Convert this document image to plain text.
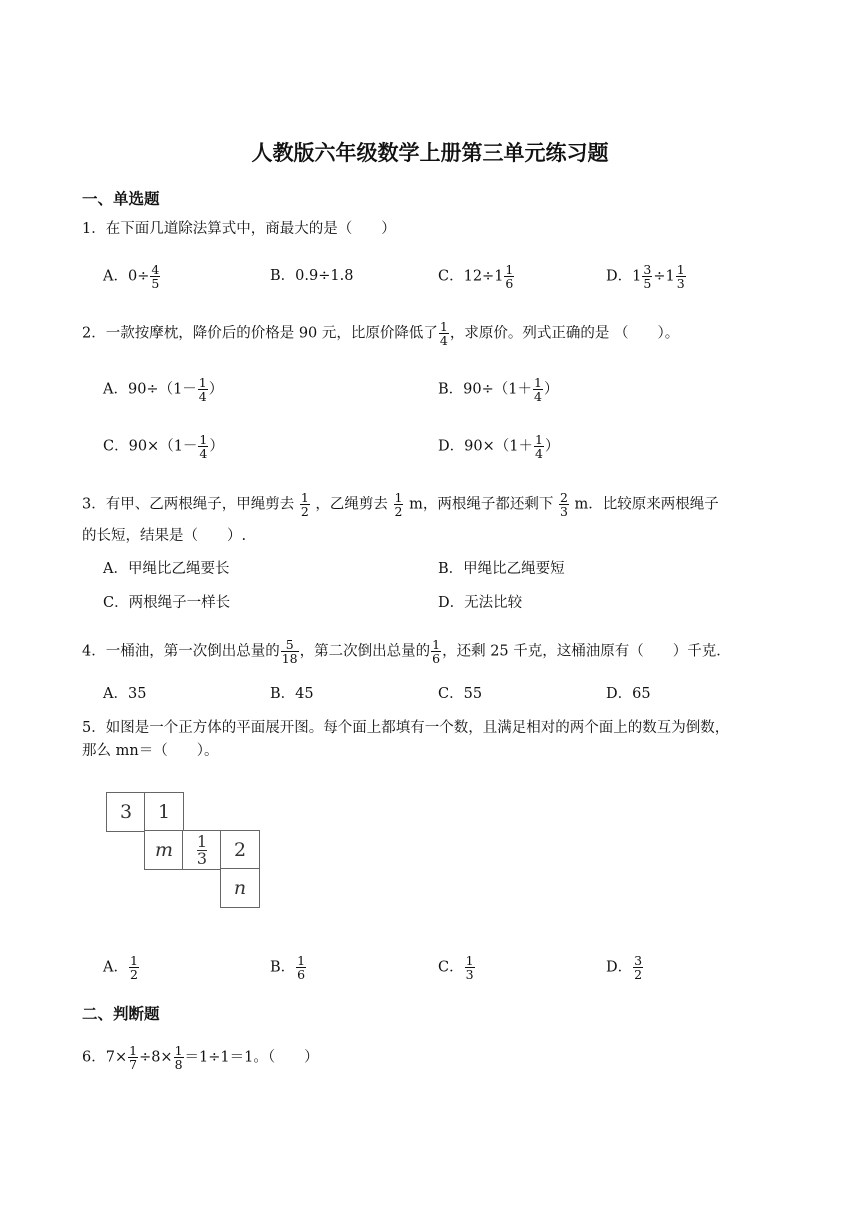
人教版六年级数学上册第三单元练习题
一、单选题
1．在下面几道除法算式中，商最大的是（　　）
A．$0\div \frac{4}{5}$	B．0.9÷1.8	C．$12\div 1 \frac{1}{6}$	D．$1 \frac{3}{5} \div 1 \frac{1}{3}$
2．一款按摩枕，降价后的价格是 90 元，比原价降低了 $\frac{1}{4}$ ，求原价。列式正确的是 （　　）。
A．$90\div(1- \frac{1}{4}$ ）	B．$90\div(1+ \frac{1}{4}$ ）
C．$90\times(1- \frac{1}{4}$ ）	D．$90\times(1+ \frac{1}{4}$ ）
3．有甲、乙两根绳子，甲绳剪去 $\frac{1}{2}$ ，乙绳剪去 $\frac{1}{2}$ m，两根绳子都还剩下 $\frac{2}{3}$ m．比较原来两根绳子
的长短，结果是（　　）.
A．甲绳比乙绳要长	B．甲绳比乙绳要短
C．两根绳子一样长	D．无法比较
4．一桶油，第一次倒出总量的 $\frac{5}{18}$ ，第二次倒出总量的 $\frac{1}{6}$ ，还剩 25 千克，这桶油原有（　　）千克．
A．35	B．45	C．55	D．65
5．如图是一个正方体的平面展开图。每个面上都填有一个数，且满足相对的两个面上的数互为倒数，
那么 mn＝（　　）。
3	1
m	$\frac{1}{3}$	2
n
A． $\frac{1}{2}$	B． $\frac{1}{6}$	C． $\frac{1}{3}$	D． $\frac{3}{2}$
二、判断题
6．$7\times \frac{1}{7} \div 8\times \frac{1}{8} =1\div 1=1$。（　　）
